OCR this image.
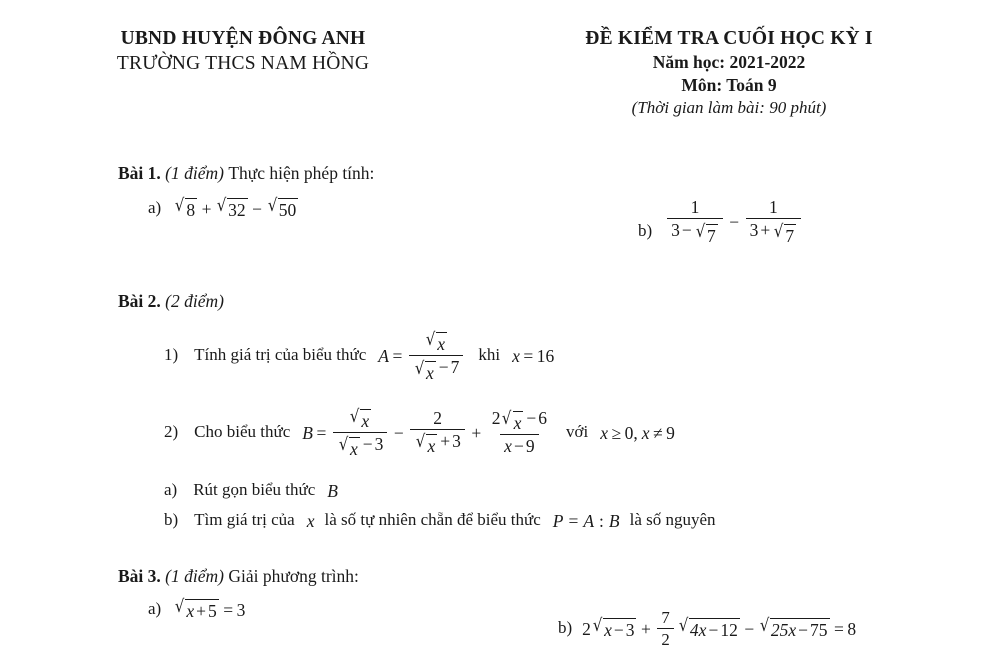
UBND HUYỆN ĐÔNG ANH
TRƯỜNG THCS NAM HỒNG
ĐỀ KIỂM TRA CUỐI HỌC KỲ I
Năm học: 2021-2022
Môn: Toán 9
(Thời gian làm bài: 90 phút)
Bài 1. (1 điểm) Thực hiện phép tính:
a) √ 8 + √ 32 − √ 50
$b) \frac{1}{3 - √ 7} - \frac{1}{3 + √ 7}$
Bài 2. (2 điểm)
1) Tính giá trị của biểu thức $A = \frac{√ x}{√ x - 7}$ khi x = 16
2) Cho biểu thức $B = \frac{√ x}{√ x - 3} - \frac{2}{√ x + 3} + \frac{2 √ x - 6}{x - 9}$ với x ≥ 0 , x ≠ 9
a) Rút gọn biểu thức B
b) Tìm giá trị của x là số tự nhiên chẵn để biểu thức P = A : B là số nguyên
Bài 3. (1 điểm) Giải phương trình:
a) √ x + 5 = 3
b) 2 √ $x - 3 + \frac{7}{2}$ √ 4x − 12 − √ 25x − 75 = 8
